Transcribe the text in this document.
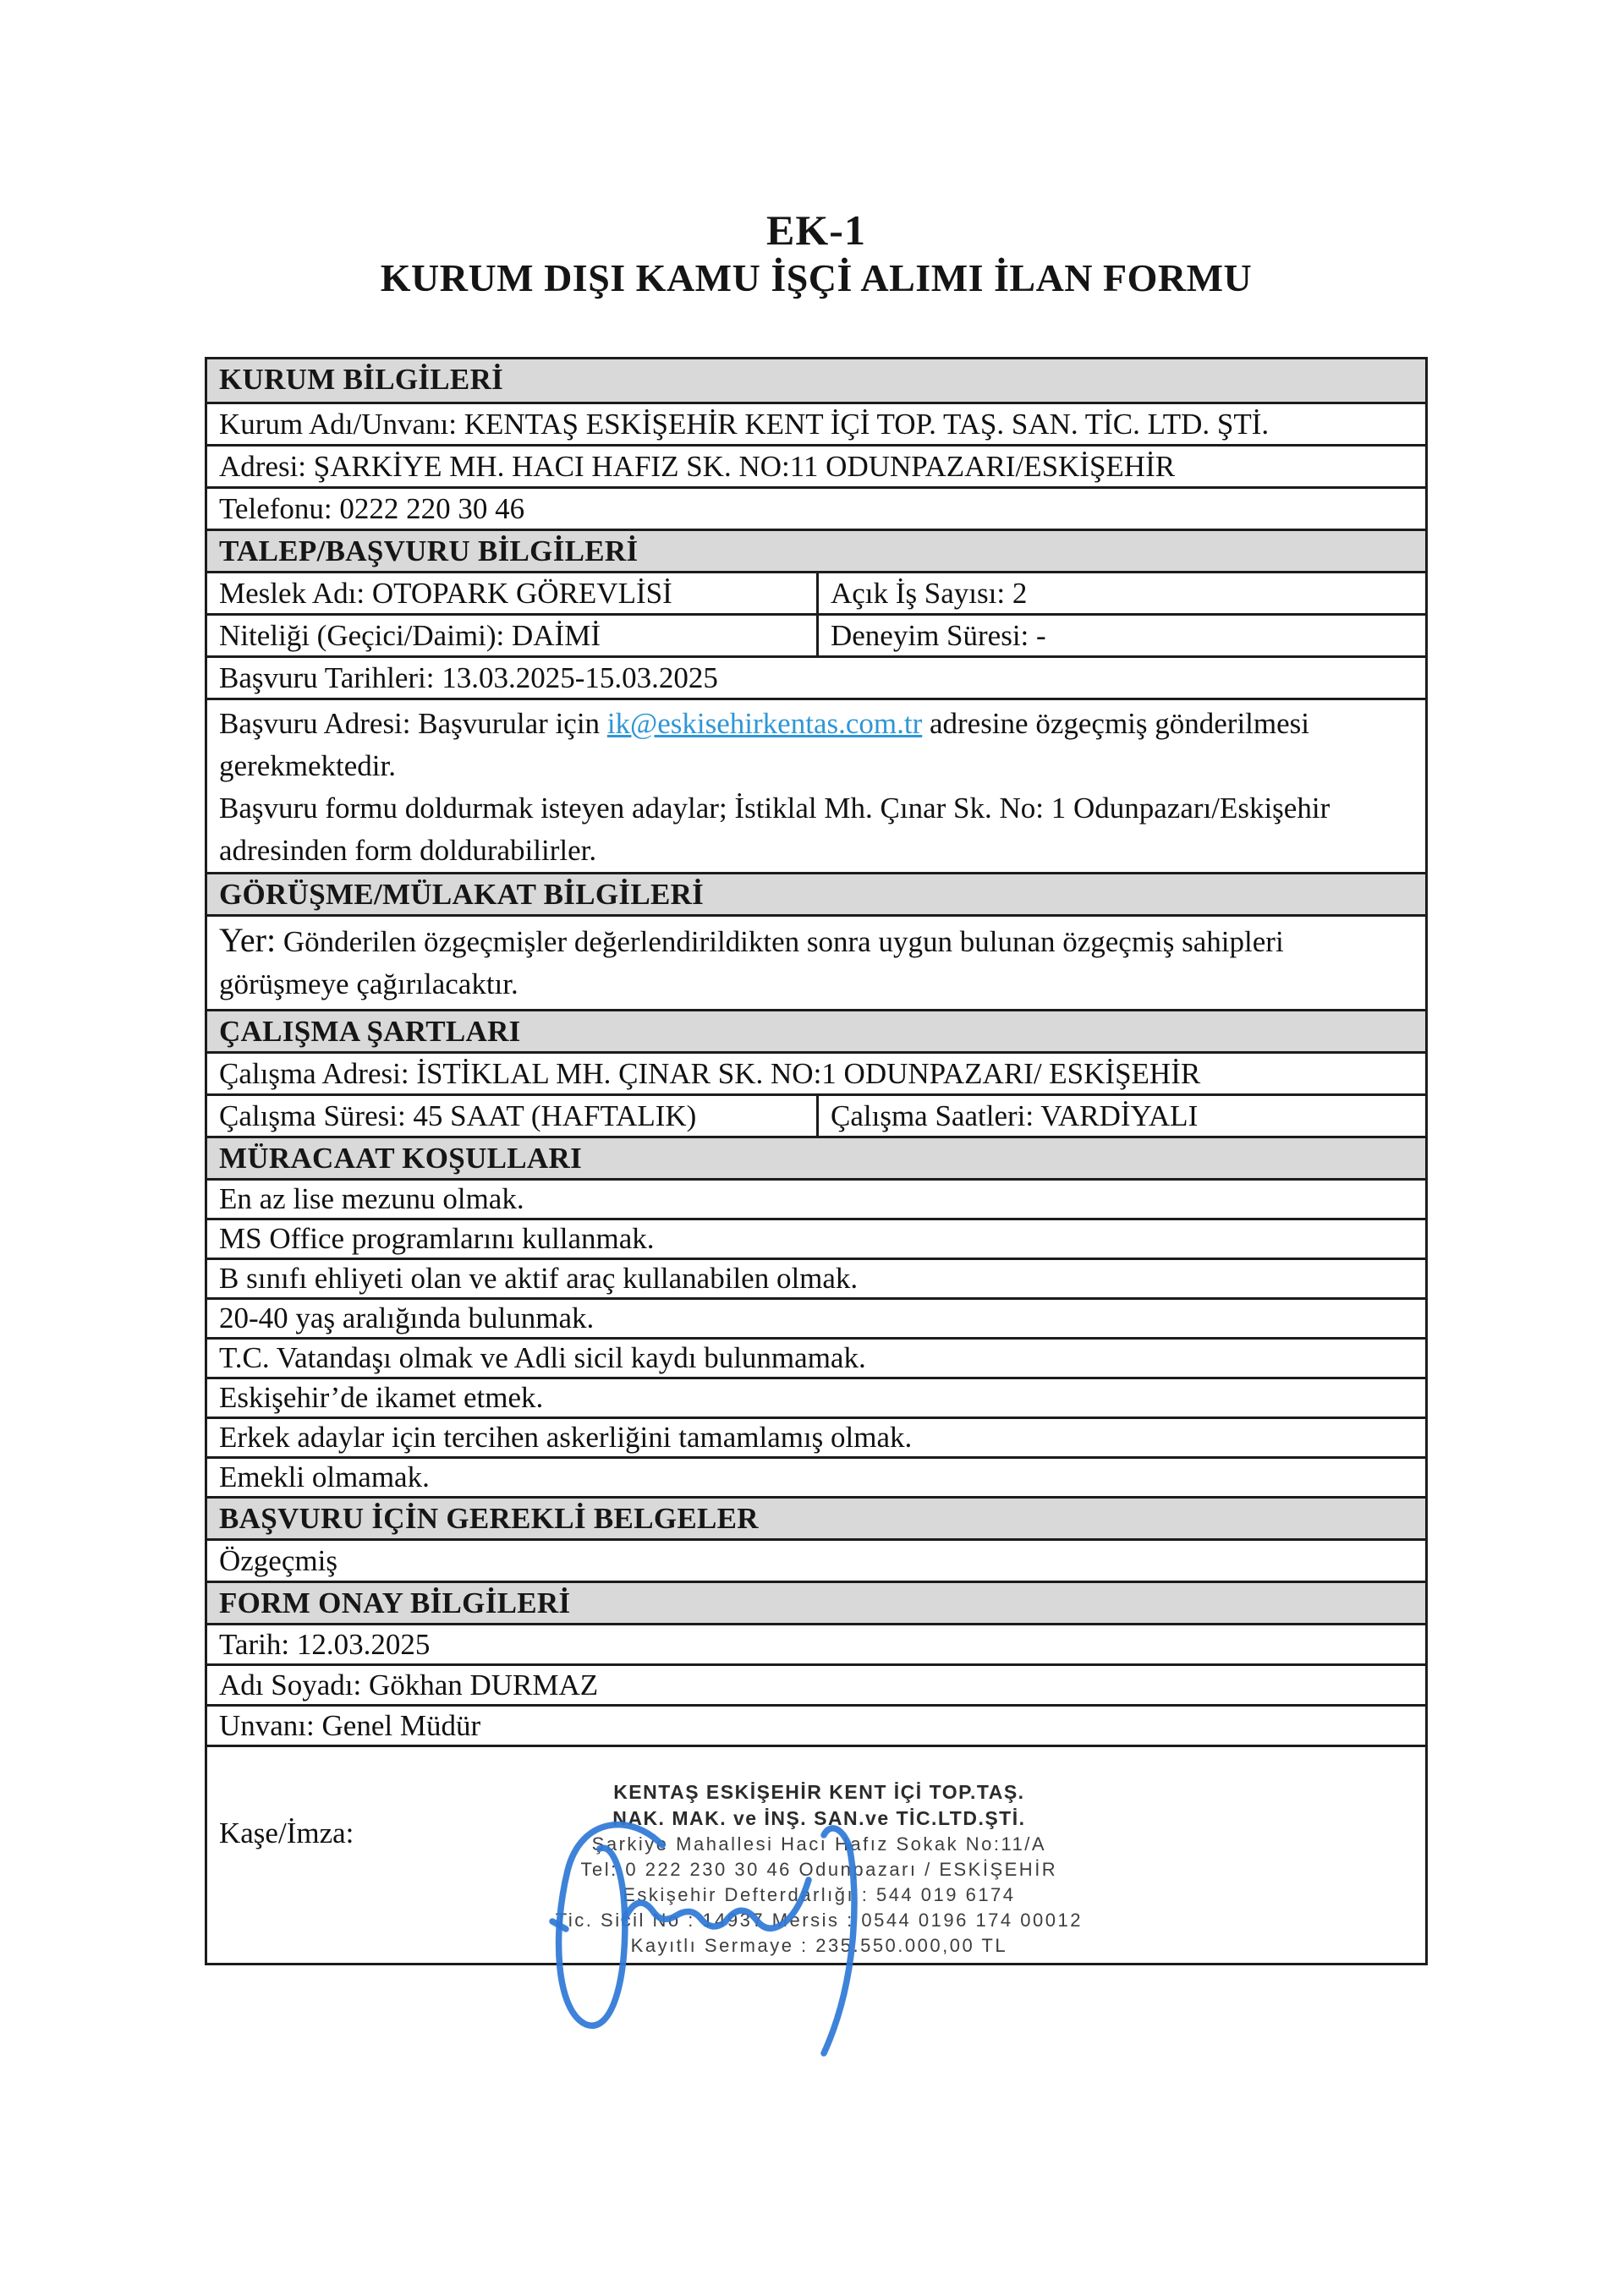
EK-1
KURUM DIŞI KAMU İŞÇİ ALIMI İLAN FORMU
KURUM BİLGİLERİ
Kurum Adı/Unvanı: KENTAŞ ESKİŞEHİR KENT İÇİ TOP. TAŞ. SAN. TİC. LTD. ŞTİ.
Adresi: ŞARKİYE MH. HACI HAFIZ SK. NO:11 ODUNPAZARI/ESKİŞEHİR
Telefonu: 0222 220 30 46
TALEP/BAŞVURU BİLGİLERİ
Meslek Adı: OTOPARK GÖREVLİSİ	Açık İş Sayısı: 2
Niteliği (Geçici/Daimi): DAİMİ	Deneyim Süresi: -
Başvuru Tarihleri: 13.03.2025-15.03.2025
Başvuru Adresi: Başvurular için ik@eskisehirkentas.com.tr adresine özgeçmiş gönderilmesi gerekmektedir.
Başvuru formu doldurmak isteyen adaylar; İstiklal Mh. Çınar Sk. No: 1 Odunpazarı/Eskişehir adresinden form doldurabilirler.
GÖRÜŞME/MÜLAKAT BİLGİLERİ
Yer: Gönderilen özgeçmişler değerlendirildikten sonra uygun bulunan özgeçmiş sahipleri görüşmeye çağırılacaktır.
ÇALIŞMA ŞARTLARI
Çalışma Adresi: İSTİKLAL MH. ÇINAR SK. NO:1 ODUNPAZARI/ ESKİŞEHİR
Çalışma Süresi: 45 SAAT (HAFTALIK)	Çalışma Saatleri: VARDİYALI
MÜRACAAT KOŞULLARI
En az lise mezunu olmak.
MS Office programlarını kullanmak.
B sınıfı ehliyeti olan ve aktif araç kullanabilen olmak.
20-40 yaş aralığında bulunmak.
T.C. Vatandaşı olmak ve Adli sicil kaydı bulunmamak.
Eskişehir’de ikamet etmek.
Erkek adaylar için tercihen askerliğini tamamlamış olmak.
Emekli olmamak.
BAŞVURU İÇİN GEREKLİ BELGELER
Özgeçmiş
FORM ONAY BİLGİLERİ
Tarih: 12.03.2025
Adı Soyadı: Gökhan DURMAZ
Unvanı: Genel Müdür
Kaşe/İmza:
KENTAŞ ESKİŞEHİR KENT İÇİ TOP.TAŞ.
NAK. MAK. ve İNŞ. SAN.ve TİC.LTD.ŞTİ.
Şarkiye Mahallesi Hacı Hafız Sokak No:11/A
Tel: 0 222 230 30 46 Odunpazarı / ESKİŞEHİR
Eskişehir Defterdarlığı : 544 019 6174
Tic. Sicil No : 14937 Mersis : 0544 0196 174 00012
Kayıtlı Sermaye : 235.550.000,00 TL
